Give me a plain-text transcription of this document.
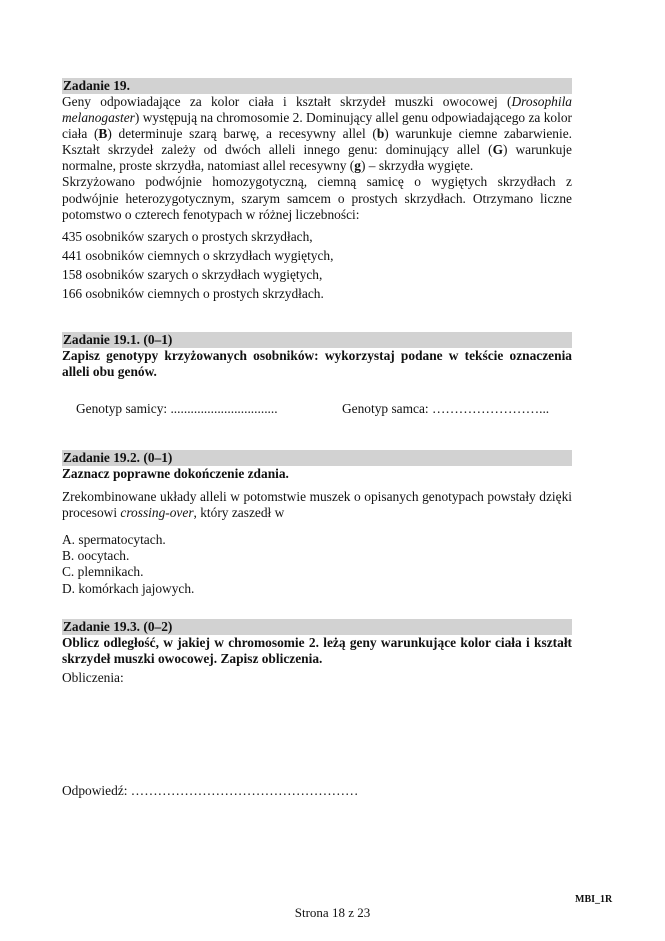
Zadanie 19.

Geny odpowiadające za kolor ciała i kształt skrzydeł muszki owocowej (Drosophila melanogaster) występują na chromosomie 2. Dominujący allel genu odpowiadającego za kolor ciała (B) determinuje szarą barwę, a recesywny allel (b) warunkuje ciemne zabarwienie. Kształt skrzydeł zależy od dwóch alleli innego genu: dominujący allel (G) warunkuje normalne, proste skrzydła, natomiast allel recesywny (g) – skrzydła wygięte.

Skrzyżowano podwójnie homozygotyczną, ciemną samicę o wygiętych skrzydłach z podwójnie heterozygotycznym, szarym samcem o prostych skrzydłach. Otrzymano liczne potomstwo o czterech fenotypach w różnej liczebności:

435 osobników szarych o prostych skrzydłach,
441 osobników ciemnych o skrzydłach wygiętych,
158 osobników szarych o skrzydłach wygiętych,
166 osobników ciemnych o prostych skrzydłach.
Zadanie 19.1. (0–1)

Zapisz genotypy krzyżowanych osobników: wykorzystaj podane w tekście oznaczenia alleli obu genów.

Genotyp samicy: ................................	Genotyp samca: ……………………...
Zadanie 19.2. (0–1)

Zaznacz poprawne dokończenie zdania.

Zrekombinowane układy alleli w potomstwie muszek o opisanych genotypach powstały dzięki procesowi crossing-over, który zaszedł w

A. spermatocytach.
B. oocytach.
C. plemnikach.
D. komórkach jajowych.
Zadanie 19.3. (0–2)

Oblicz odległość, w jakiej w chromosomie 2. leżą geny warunkujące kolor ciała i kształt skrzydeł muszki owocowej. Zapisz obliczenia.

Obliczenia:
Odpowiedź: ……………………………………………
MBI_1R
Strona 18 z 23
